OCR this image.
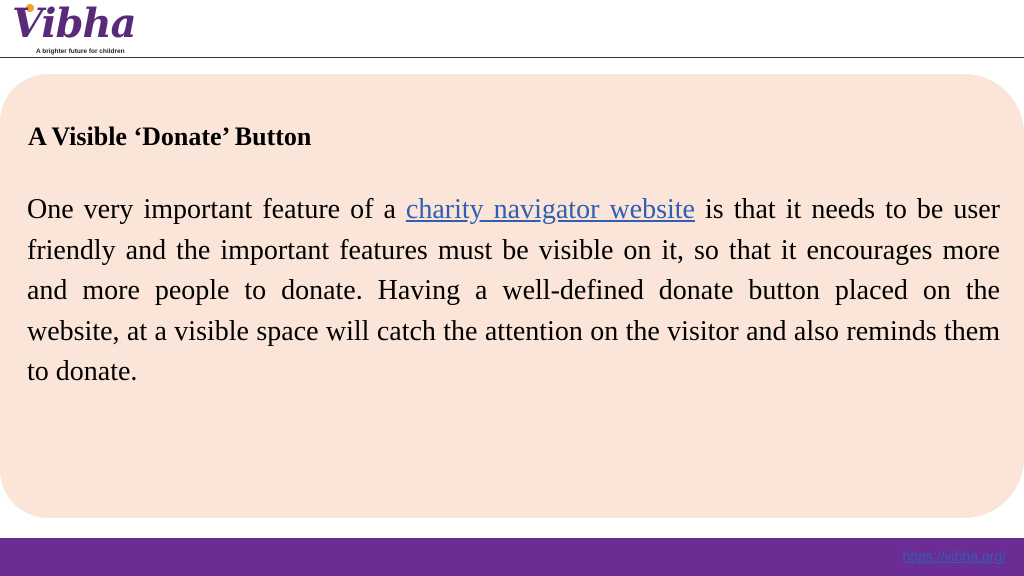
Vibha
A brighter future for children
A Visible ‘Donate’ Button

One very important feature of a charity navigator website is that it needs to be user friendly and the important features must be visible on it, so that it encourages more and more people to donate. Having a well-defined donate button placed on the website, at a visible space will catch the attention on the visitor and also reminds them to donate.

https://vibha.org/
